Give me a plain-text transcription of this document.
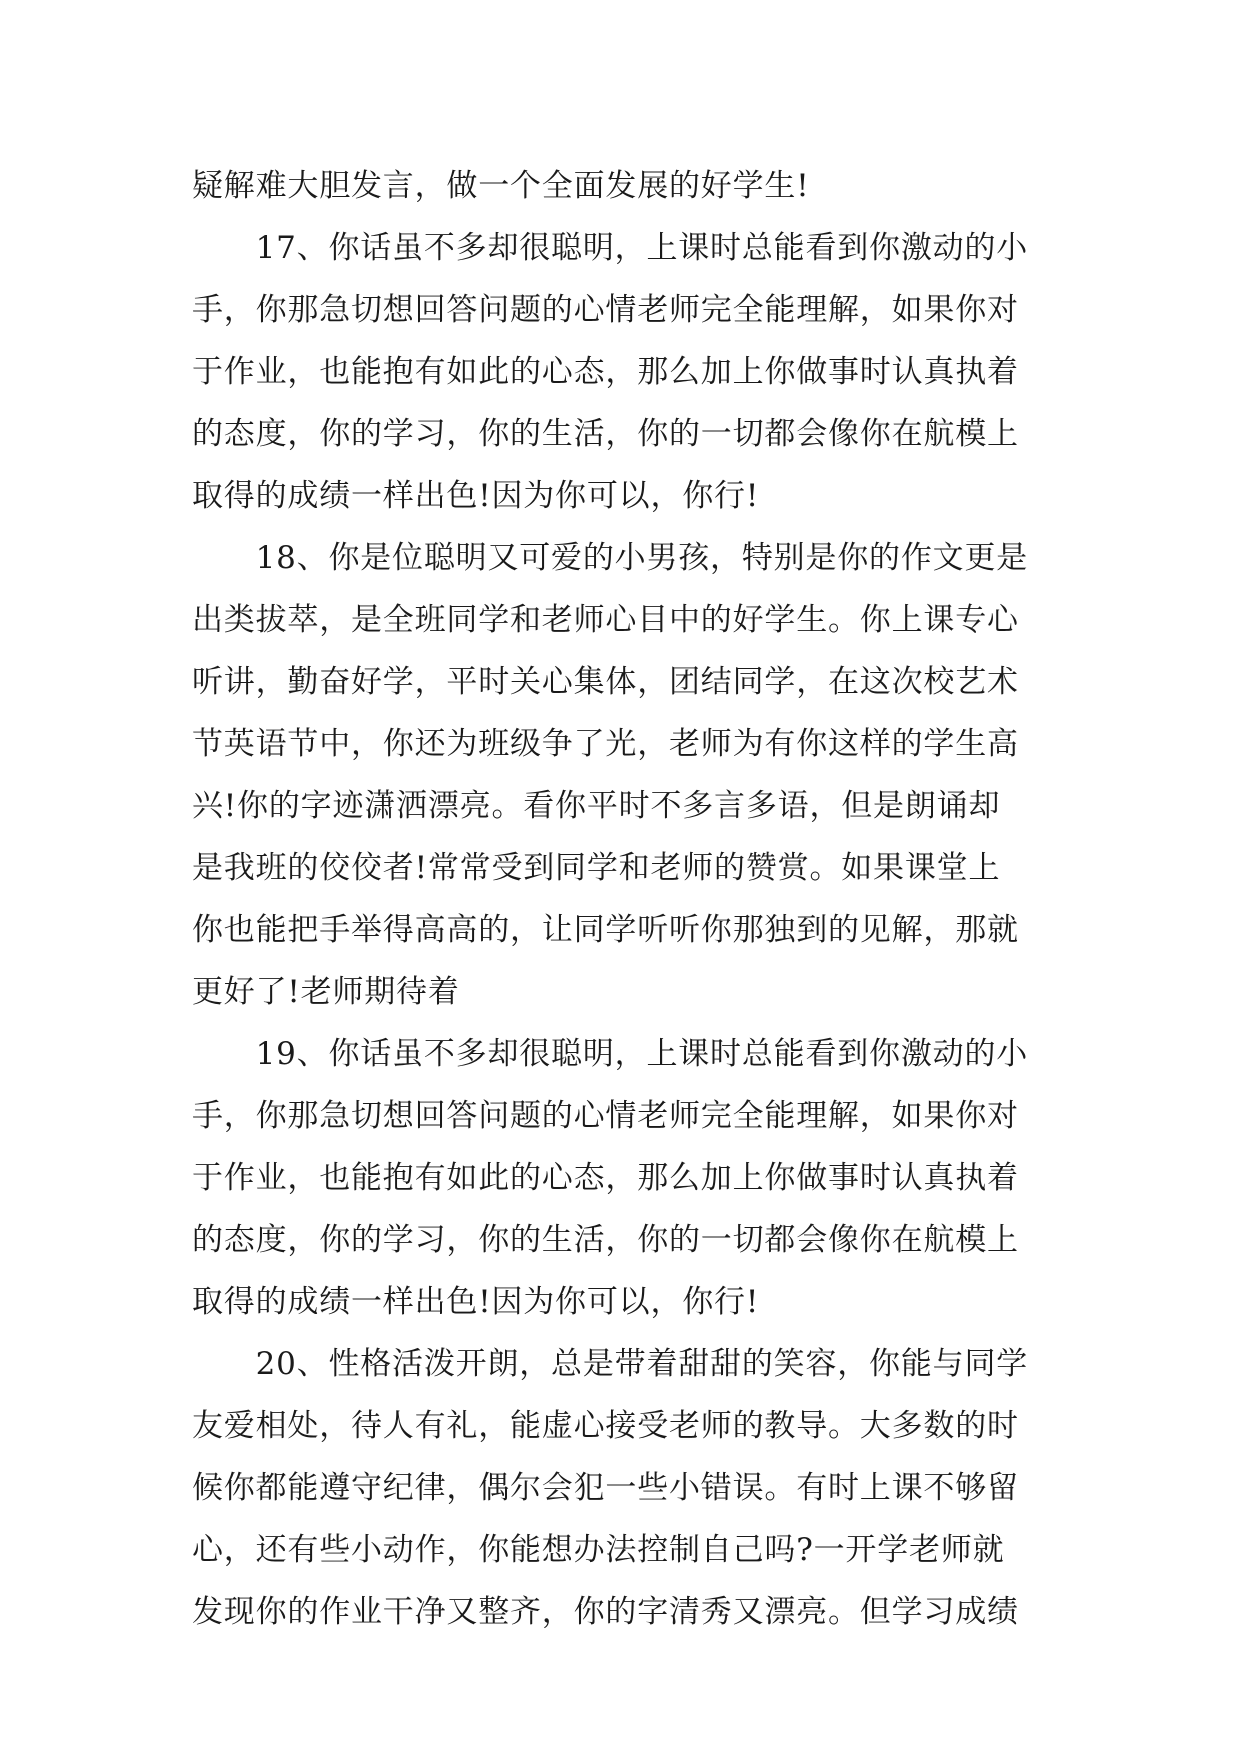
疑解难大胆发言，做一个全面发展的好学生!
　　17、你话虽不多却很聪明，上课时总能看到你激动的小
手，你那急切想回答问题的心情老师完全能理解，如果你对
于作业，也能抱有如此的心态，那么加上你做事时认真执着
的态度，你的学习，你的生活，你的一切都会像你在航模上
取得的成绩一样出色!因为你可以，你行!
　　18、你是位聪明又可爱的小男孩，特别是你的作文更是
出类拔萃，是全班同学和老师心目中的好学生。你上课专心
听讲，勤奋好学，平时关心集体，团结同学，在这次校艺术
节英语节中，你还为班级争了光，老师为有你这样的学生高
兴!你的字迹潇洒漂亮。看你平时不多言多语，但是朗诵却
是我班的佼佼者!常常受到同学和老师的赞赏。如果课堂上
你也能把手举得高高的，让同学听听你那独到的见解，那就
更好了!老师期待着
　　19、你话虽不多却很聪明，上课时总能看到你激动的小
手，你那急切想回答问题的心情老师完全能理解，如果你对
于作业，也能抱有如此的心态，那么加上你做事时认真执着
的态度，你的学习，你的生活，你的一切都会像你在航模上
取得的成绩一样出色!因为你可以，你行!
　　20、性格活泼开朗，总是带着甜甜的笑容，你能与同学
友爱相处，待人有礼，能虚心接受老师的教导。大多数的时
候你都能遵守纪律，偶尔会犯一些小错误。有时上课不够留
心，还有些小动作，你能想办法控制自己吗?一开学老师就
发现你的作业干净又整齐，你的字清秀又漂亮。但学习成绩
